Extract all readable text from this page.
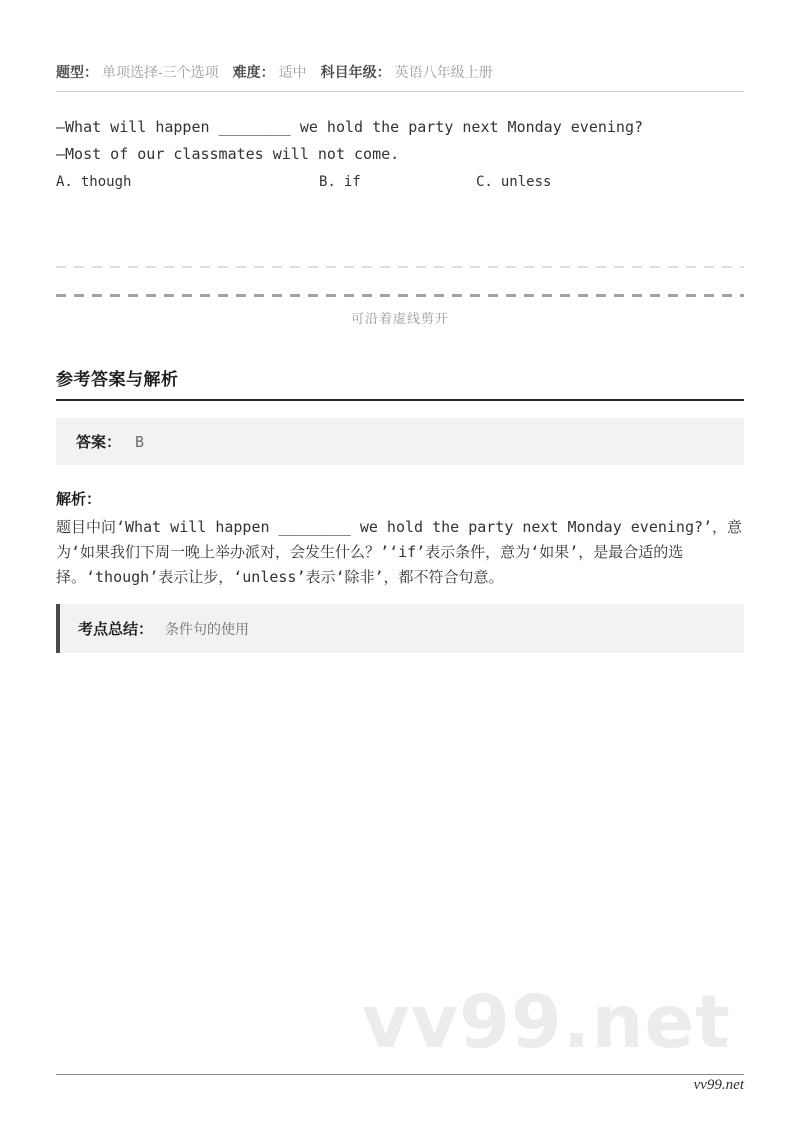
vv99.net
题型： 单项选择-三个选项 难度： 适中 科目年级： 英语八年级上册
—What will happen ________ we hold the party next Monday evening?
—Most of our classmates will not come.
A. though	B. if	C. unless
可沿着虚线剪开
参考答案与解析
答案： B
解析：
题目中问‘What will happen ________ we hold the party next Monday evening?’，意为‘如果我们下周一晚上举办派对，会发生什么？’‘if’表示条件，意为‘如果’，是最合适的选择。‘though’表示让步，‘unless’表示‘除非’，都不符合句意。
考点总结： 条件句的使用
vv99.net
